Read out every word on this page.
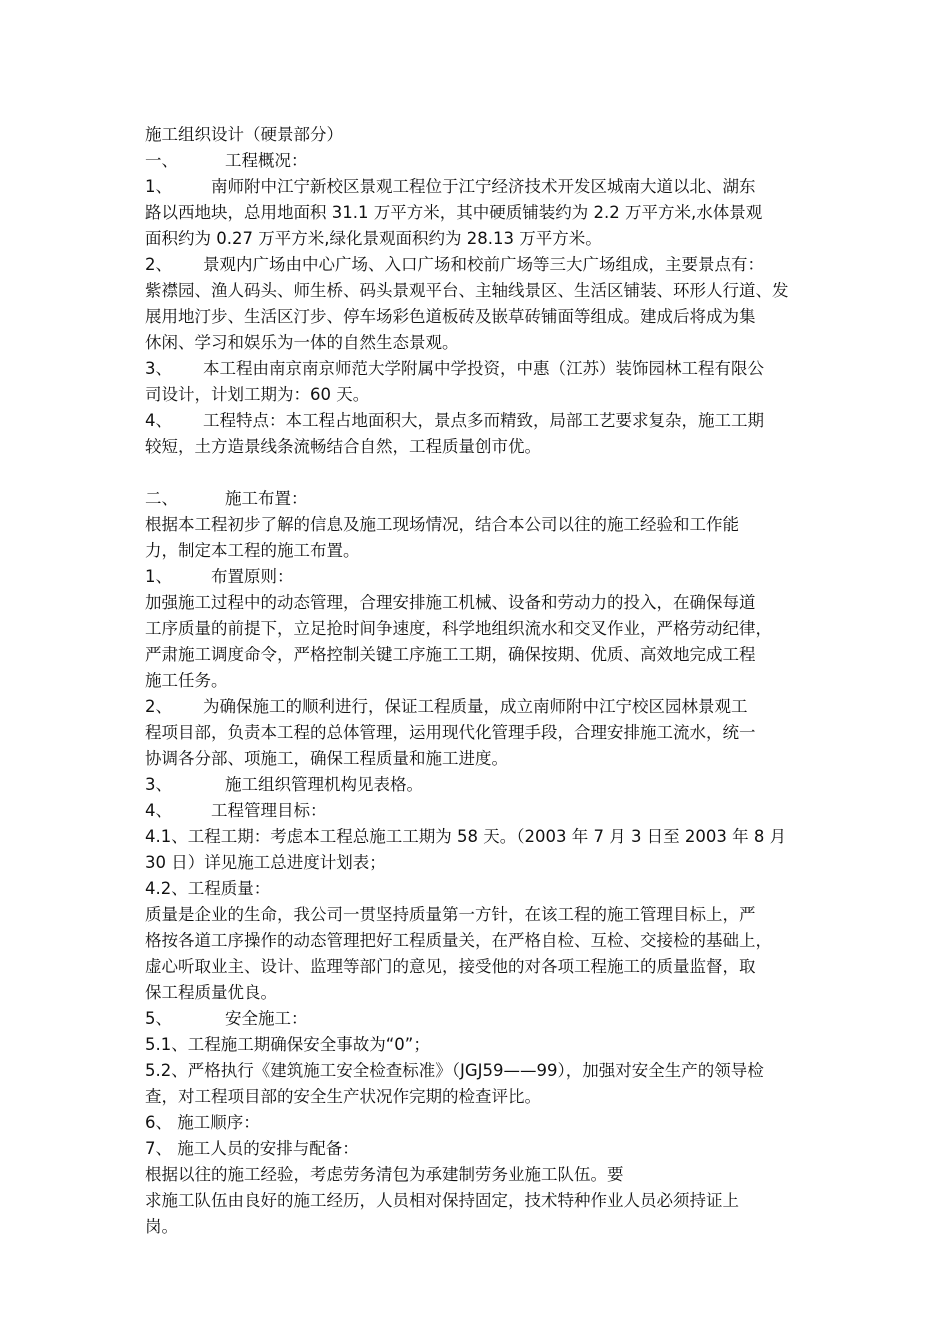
施工组织设计（硬景部分）
一、	工程概况：
1、 南师附中江宁新校区景观工程位于江宁经济技术开发区城南大道以北、湖东
路以西地块，总用地面积 31.1 万平方米，其中硬质铺装约为 2.2 万平方米,水体景观
面积约为 0.27 万平方米,绿化景观面积约为 28.13 万平方米。
2、 景观内广场由中心广场、入口广场和校前广场等三大广场组成，主要景点有：
紫襟园、渔人码头、师生桥、码头景观平台、主轴线景区、生活区铺装、环形人行道、发
展用地汀步、生活区汀步、停车场彩色道板砖及嵌草砖铺面等组成。建成后将成为集
休闲、学习和娱乐为一体的自然生态景观。
3、 本工程由南京南京师范大学附属中学投资，中惠（江苏）装饰园林工程有限公
司设计，计划工期为：60 天。
4、 工程特点：本工程占地面积大，景点多而精致，局部工艺要求复杂，施工工期
较短，土方造景线条流畅结合自然，工程质量创市优。
二、	施工布置：
根据本工程初步了解的信息及施工现场情况，结合本公司以往的施工经验和工作能
力，制定本工程的施工布置。
1、 布置原则：
加强施工过程中的动态管理，合理安排施工机械、设备和劳动力的投入，在确保每道
工序质量的前提下，立足抢时间争速度，科学地组织流水和交叉作业，严格劳动纪律，
严肃施工调度命令，严格控制关键工序施工工期，确保按期、优质、高效地完成工程
施工任务。
2、 为确保施工的顺利进行，保证工程质量，成立南师附中江宁校区园林景观工
程项目部，负责本工程的总体管理，运用现代化管理手段，合理安排施工流水，统一
协调各分部、项施工，确保工程质量和施工进度。
3、	施工组织管理机构见表格。
4、 工程管理目标：
4.1、工程工期：考虑本工程总施工工期为 58 天。（2003 年 7 月 3 日至 2003 年 8 月
30 日）详见施工总进度计划表；
4.2、工程质量：
质量是企业的生命，我公司一贯坚持质量第一方针，在该工程的施工管理目标上，严
格按各道工序操作的动态管理把好工程质量关，在严格自检、互检、交接检的基础上，
虚心听取业主、设计、监理等部门的意见，接受他的对各项工程施工的质量监督，取
保工程质量优良。
5、	安全施工：
5.1、工程施工期确保安全事故为“0”；
5.2、严格执行《建筑施工安全检查标准》（JGJ59——99），加强对安全生产的领导检
查，对工程项目部的安全生产状况作完期的检查评比。
6、 施工顺序：
7、 施工人员的安排与配备：
根据以往的施工经验，考虑劳务清包为承建制劳务业施工队伍。要
求施工队伍由良好的施工经历，人员相对保持固定，技术特种作业人员必须持证上
岗。
